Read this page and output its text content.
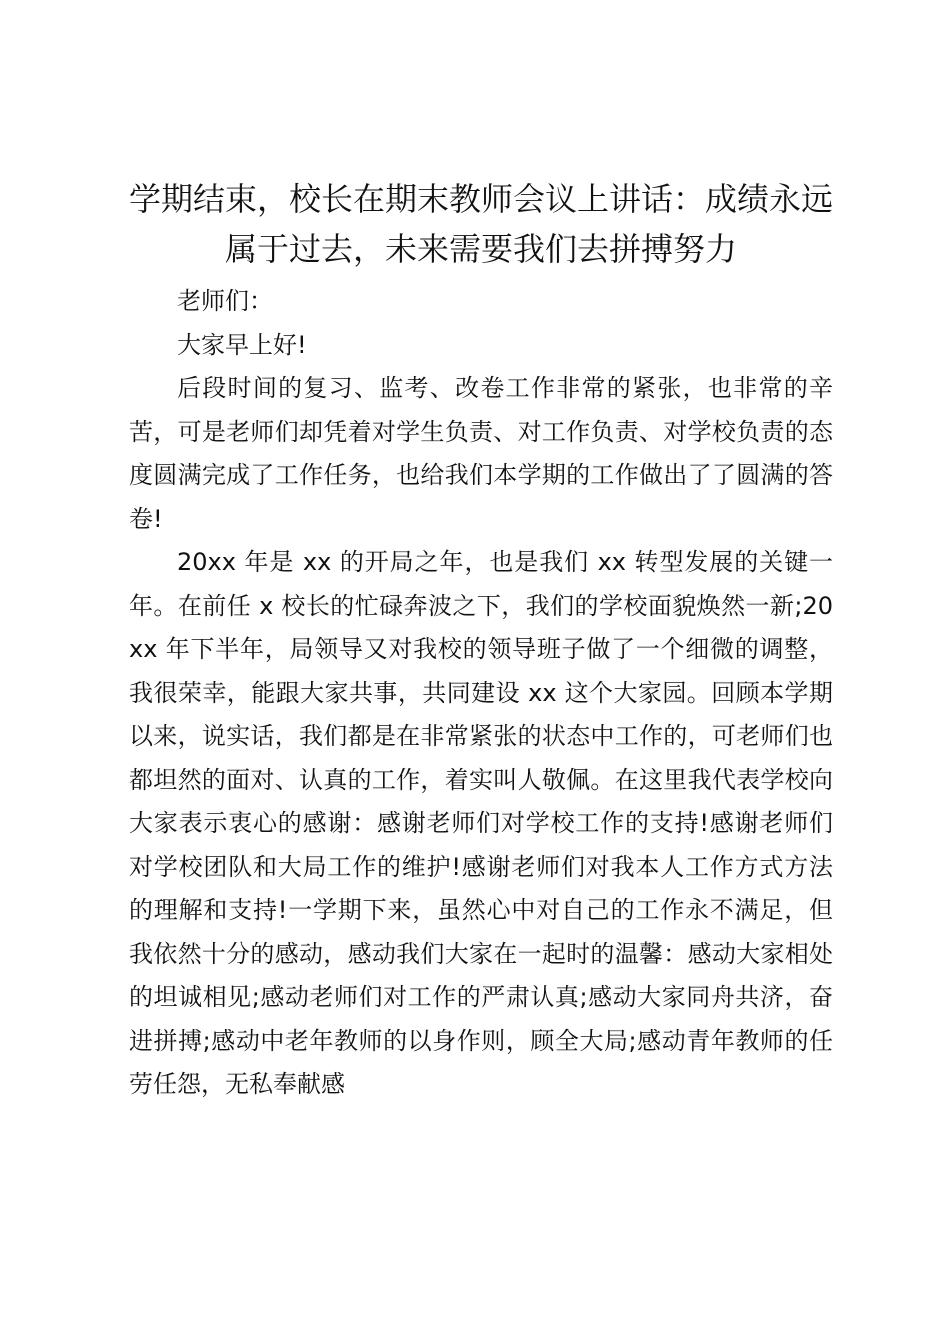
学期结束，校长在期末教师会议上讲话：成绩永远属于过去，未来需要我们去拼搏努力

老师们：

大家早上好!

后段时间的复习、监考、改卷工作非常的紧张，也非常的辛苦，可是老师们却凭着对学生负责、对工作负责、对学校负责的态度圆满完成了工作任务，也给我们本学期的工作做出了了圆满的答卷!

20xx 年是 xx 的开局之年，也是我们 xx 转型发展的关键一年。在前任 x 校长的忙碌奔波之下，我们的学校面貌焕然一新;20xx 年下半年，局领导又对我校的领导班子做了一个细微的调整，我很荣幸，能跟大家共事，共同建设 xx 这个大家园。回顾本学期以来，说实话，我们都是在非常紧张的状态中工作的，可老师们也都坦然的面对、认真的工作，着实叫人敬佩。在这里我代表学校向大家表示衷心的感谢：感谢老师们对学校工作的支持!感谢老师们对学校团队和大局工作的维护!感谢老师们对我本人工作方式方法的理解和支持!一学期下来，虽然心中对自己的工作永不满足，但我依然十分的感动，感动我们大家在一起时的温馨：感动大家相处的坦诚相见;感动老师们对工作的严肃认真;感动大家同舟共济，奋进拼搏;感动中老年教师的以身作则，顾全大局;感动青年教师的任劳任怨，无私奉献感
